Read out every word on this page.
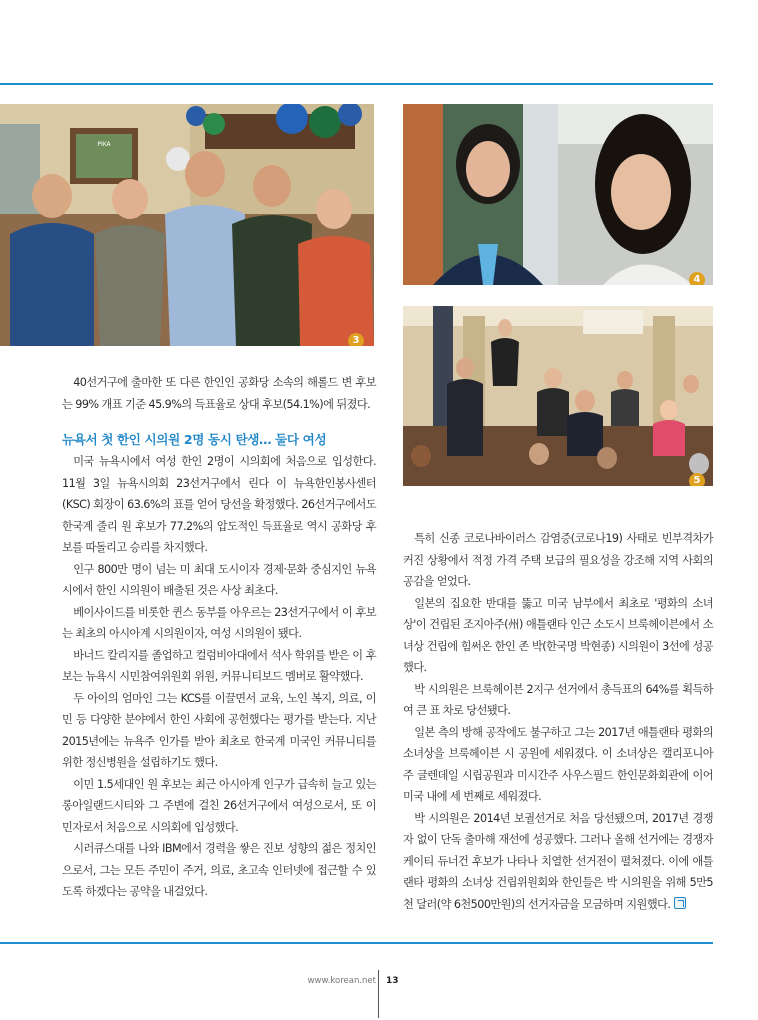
PIKA
3
4
5

40선거구에 출마한 또 다른 한인인 공화당 소속의 해롤드 변 후보는 99% 개표 기준 45.9%의 득표율로 상대 후보(54.1%)에 뒤졌다.

뉴욕서 첫 한인 시의원 2명 동시 탄생… 둘다 여성

미국 뉴욕시에서 여성 한인 2명이 시의회에 처음으로 입성한다. 11월 3일 뉴욕시의회 23선거구에서 린다 이 뉴욕한인봉사센터(KSC) 회장이 63.6%의 표를 얻어 당선을 확정했다. 26선거구에서도 한국계 줄리 원 후보가 77.2%의 압도적인 득표율로 역시 공화당 후보를 따돌리고 승리를 차지했다.

인구 800만 명이 넘는 미 최대 도시이자 경제·문화 중심지인 뉴욕시에서 한인 시의원이 배출된 것은 사상 최초다.

베이사이드를 비롯한 퀸스 동부를 아우르는 23선거구에서 이 후보는 최초의 아시아계 시의원이자, 여성 시의원이 됐다.

바너드 칼리지를 졸업하고 컬럼비아대에서 석사 학위를 받은 이 후보는 뉴욕시 시민참여위원회 위원, 커뮤니티보드 멤버로 활약했다.

두 아이의 엄마인 그는 KCS를 이끌면서 교육, 노인 복지, 의료, 이민 등 다양한 분야에서 한인 사회에 공헌했다는 평가를 받는다. 지난 2015년에는 뉴욕주 인가를 받아 최초로 한국계 미국인 커뮤니티를 위한 정신병원을 설립하기도 했다.

이민 1.5세대인 원 후보는 최근 아시아계 인구가 급속히 늘고 있는 롱아일랜드시티와 그 주변에 걸친 26선거구에서 여성으로서, 또 이민자로서 처음으로 시의회에 입성했다.

시러큐스대를 나와 IBM에서 경력을 쌓은 진보 성향의 젊은 정치인으로서, 그는 모든 주민이 주거, 의료, 초고속 인터넷에 접근할 수 있도록 하겠다는 공약을 내걸었다.

특히 신종 코로나바이러스 감염증(코로나19) 사태로 빈부격차가 커진 상황에서 적정 가격 주택 보급의 필요성을 강조해 지역 사회의 공감을 얻었다.

일본의 집요한 반대를 뚫고 미국 남부에서 최초로 '평화의 소녀상'이 건립된 조지아주(州) 애틀랜타 인근 소도시 브룩헤이븐에서 소녀상 건립에 힘써온 한인 존 박(한국명 박현종) 시의원이 3선에 성공했다.

박 시의원은 브룩헤이븐 2지구 선거에서 총득표의 64%를 획득하여 큰 표 차로 당선됐다.

일본 측의 방해 공작에도 불구하고 그는 2017년 애틀랜타 평화의 소녀상을 브룩헤이븐 시 공원에 세워졌다. 이 소녀상은 캘리포니아주 글렌데일 시립공원과 미시간주 사우스필드 한인문화회관에 이어 미국 내에 세 번째로 세워졌다.

박 시의원은 2014년 보궐선거로 처음 당선됐으며, 2017년 경쟁자 없이 단독 출마해 재선에 성공했다. 그러나 올해 선거에는 경쟁자 케이티 듀너건 후보가 나타나 치열한 선거전이 펼쳐졌다. 이에 애틀랜타 평화의 소녀상 건립위원회와 한인들은 박 시의원을 위해 5만5천 달러(약 6천500만원)의 선거자금을 모금하며 지원했다.

www.korean.net 13
